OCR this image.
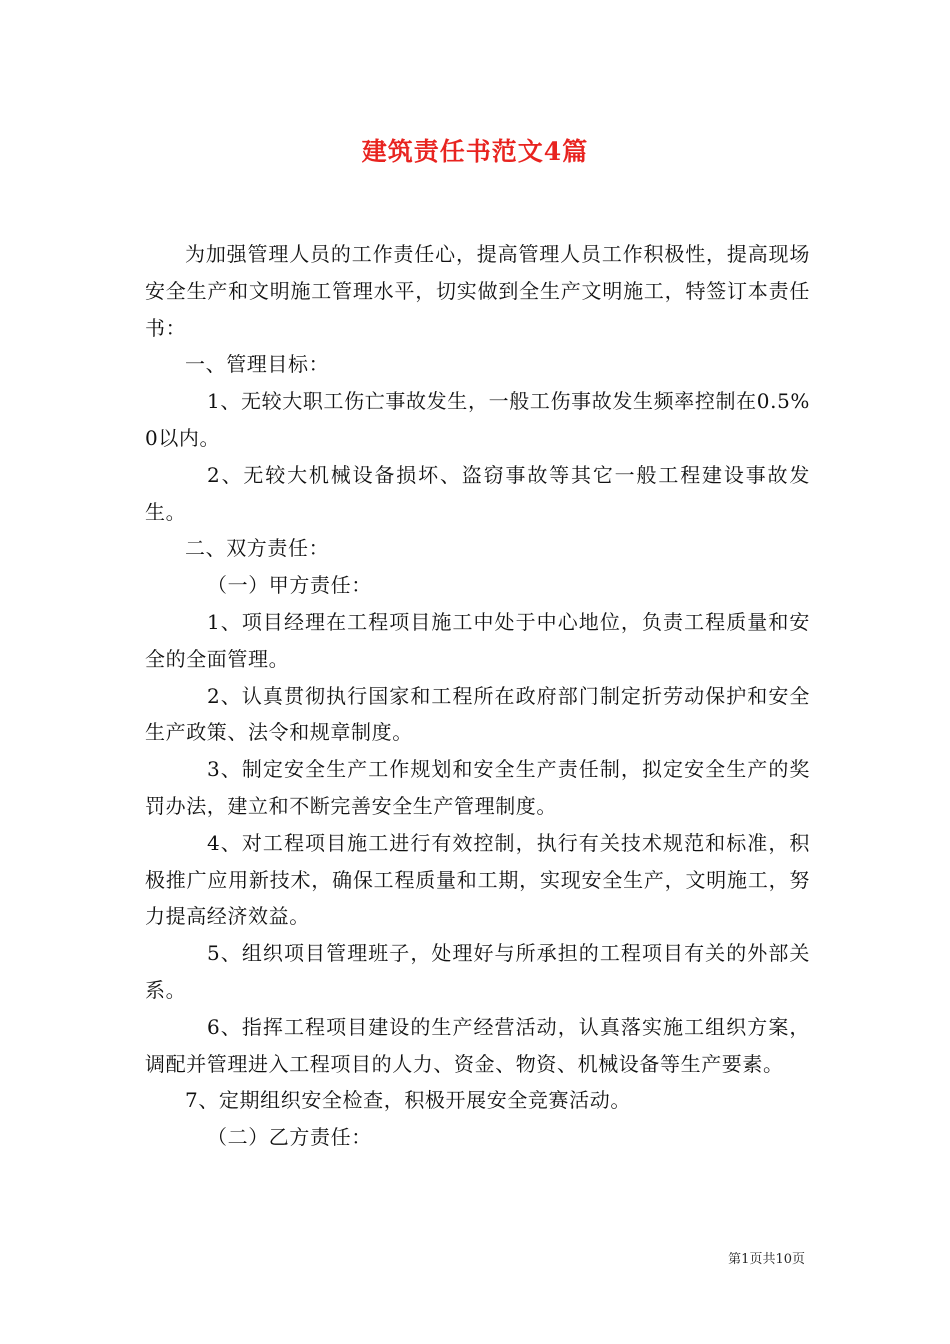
建筑责任书范文4篇

为加强管理人员的工作责任心，提高管理人员工作积极性，提高现场安全生产和文明施工管理水平，切实做到全生产文明施工，特签订本责任书：

一、管理目标：

1、无较大职工伤亡事故发生，一般工伤事故发生频率控制在0.5%0以内。

2、无较大机械设备损坏、盗窃事故等其它一般工程建设事故发生。

二、双方责任：

（一）甲方责任：

1、项目经理在工程项目施工中处于中心地位，负责工程质量和安全的全面管理。

2、认真贯彻执行国家和工程所在政府部门制定折劳动保护和安全生产政策、法令和规章制度。

3、制定安全生产工作规划和安全生产责任制，拟定安全生产的奖罚办法，建立和不断完善安全生产管理制度。

4、对工程项目施工进行有效控制，执行有关技术规范和标准，积极推广应用新技术，确保工程质量和工期，实现安全生产，文明施工，努力提高经济效益。

5、组织项目管理班子，处理好与所承担的工程项目有关的外部关系。

6、指挥工程项目建设的生产经营活动，认真落实施工组织方案，调配并管理进入工程项目的人力、资金、物资、机械设备等生产要素。

7、定期组织安全检查，积极开展安全竞赛活动。

（二）乙方责任：

第1页共10页
